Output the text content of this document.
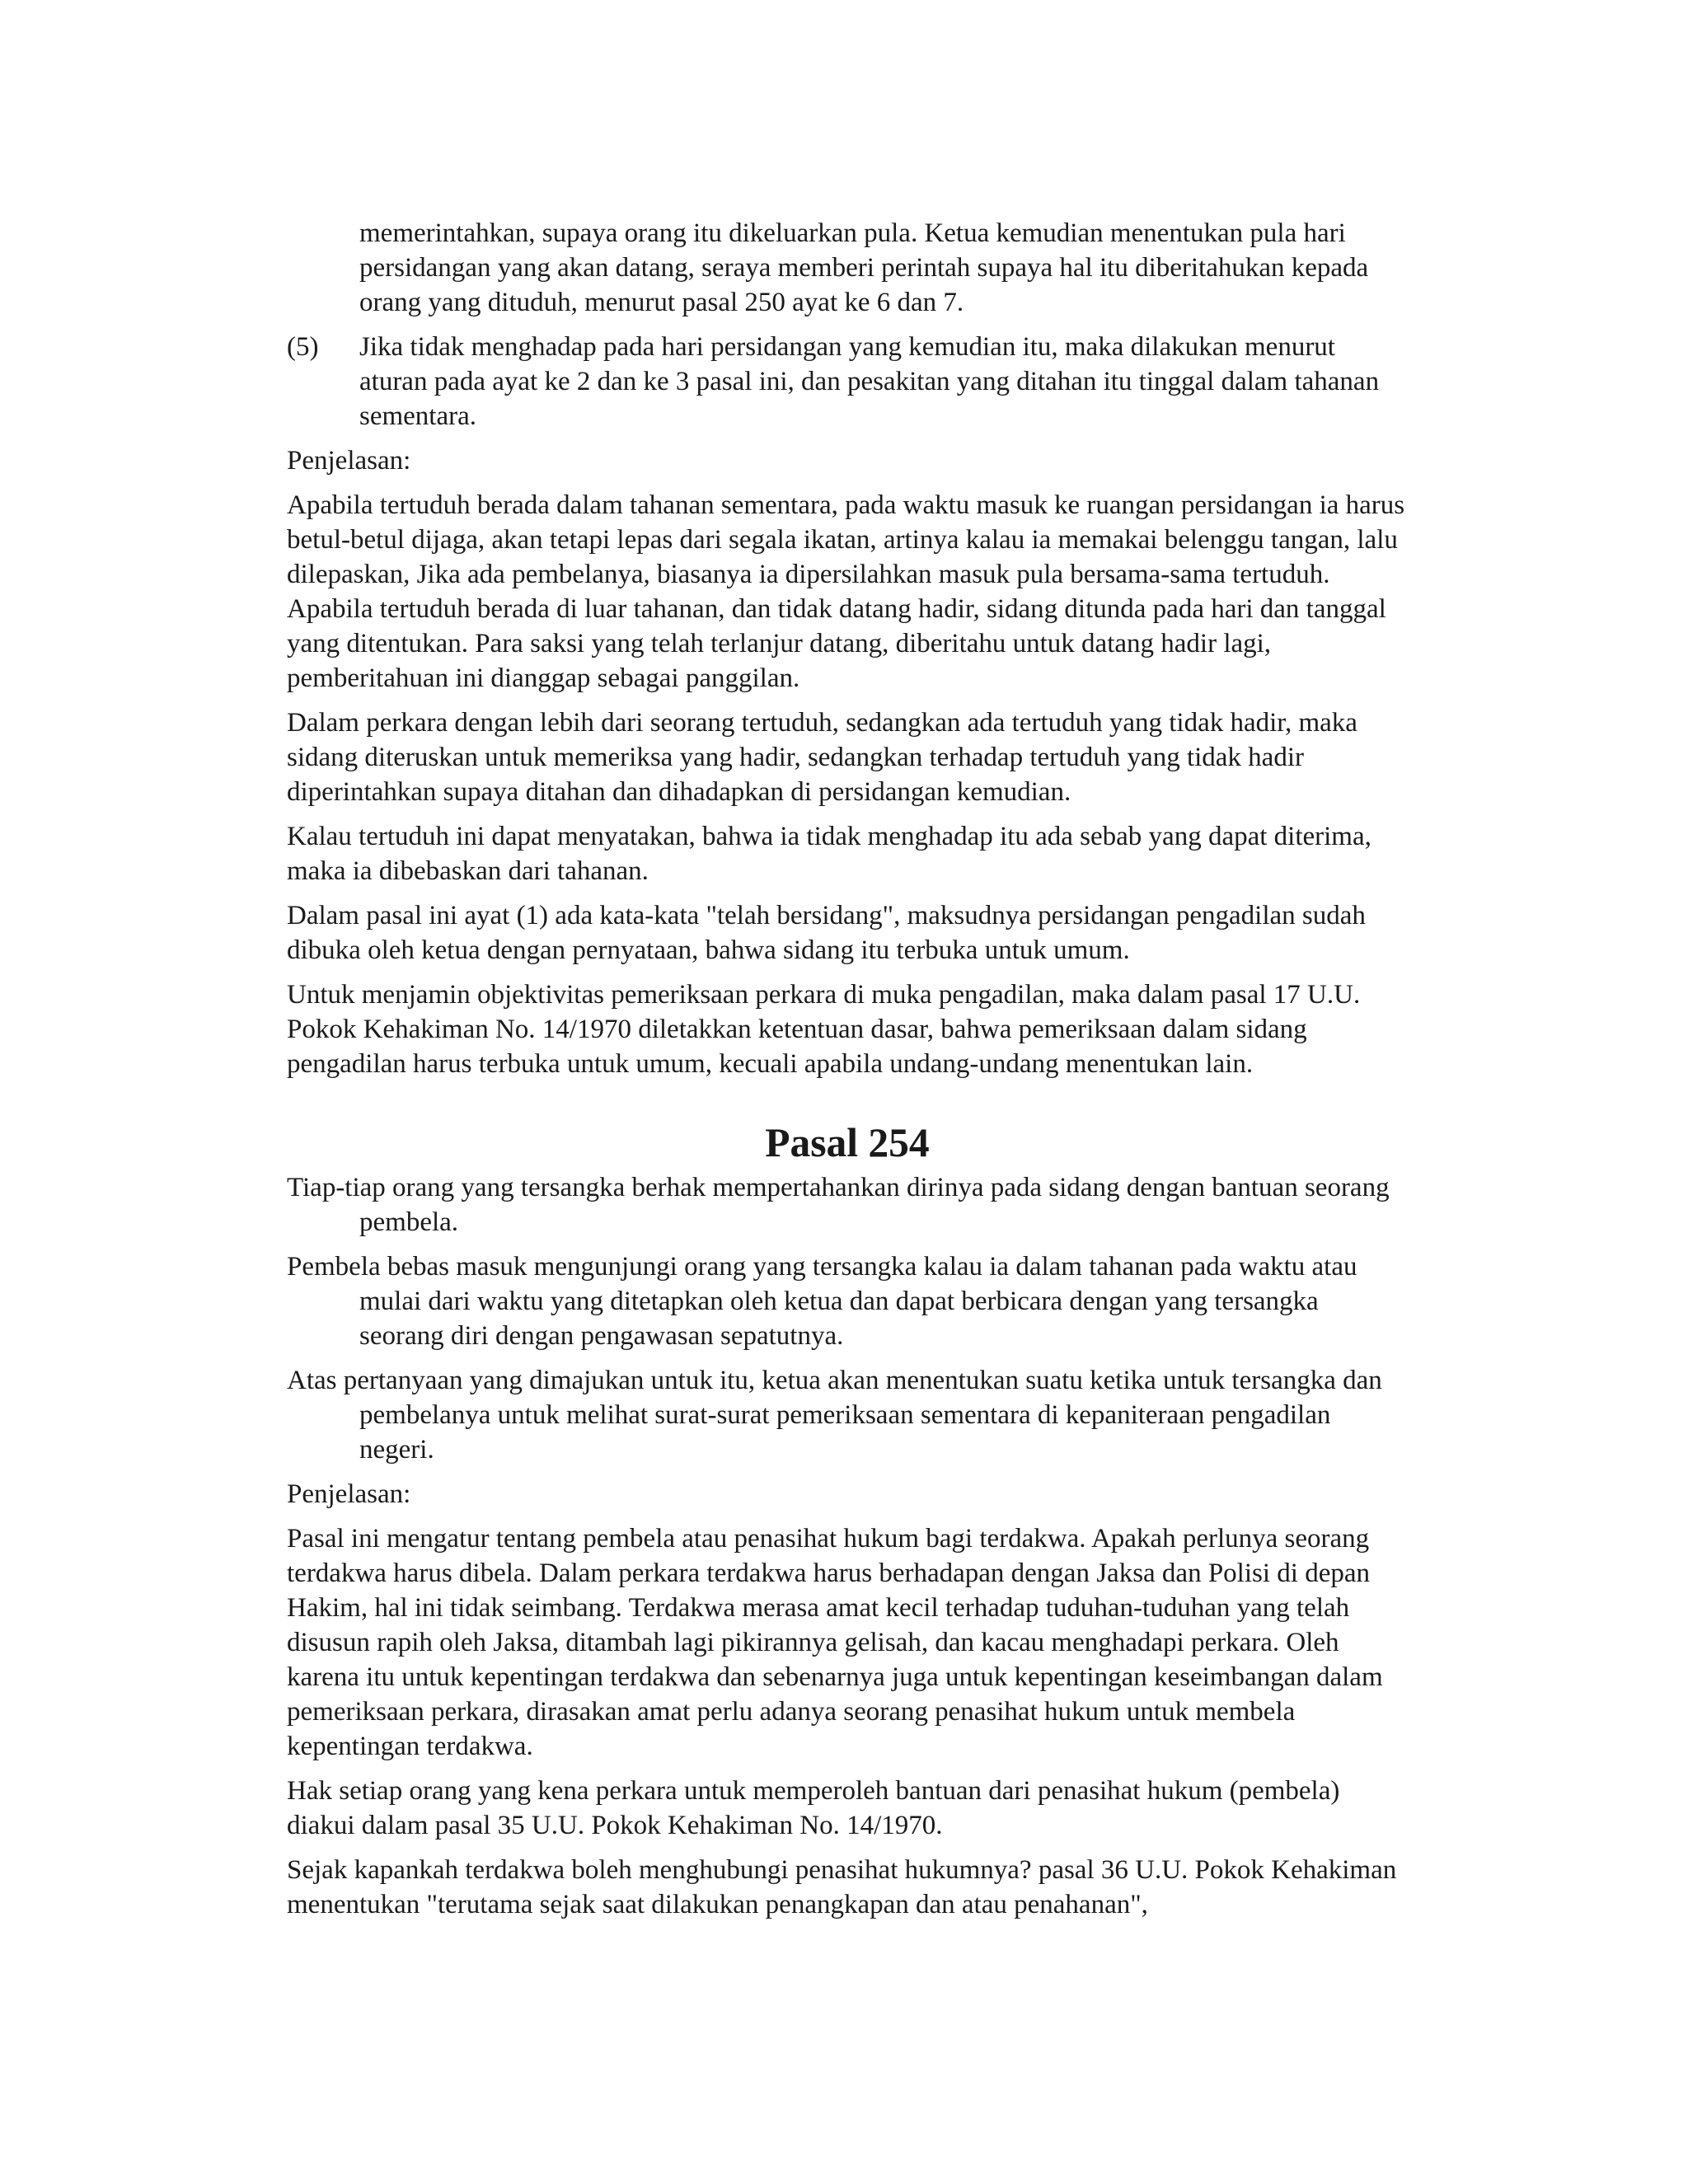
memerintahkan, supaya orang itu dikeluarkan pula. Ketua kemudian menentukan pula hari persidangan yang akan datang, seraya memberi perintah supaya hal itu diberitahukan kepada orang yang dituduh, menurut pasal 250 ayat ke 6 dan 7.

(5) Jika tidak menghadap pada hari persidangan yang kemudian itu, maka dilakukan menurut aturan pada ayat ke 2 dan ke 3 pasal ini, dan pesakitan yang ditahan itu tinggal dalam tahanan sementara.

Penjelasan:

Apabila tertuduh berada dalam tahanan sementara, pada waktu masuk ke ruangan persidangan ia harus betul-betul dijaga, akan tetapi lepas dari segala ikatan, artinya kalau ia memakai belenggu tangan, lalu dilepaskan, Jika ada pembelanya, biasanya ia dipersilahkan masuk pula bersama-sama tertuduh. Apabila tertuduh berada di luar tahanan, dan tidak datang hadir, sidang ditunda pada hari dan tanggal yang ditentukan. Para saksi yang telah terlanjur datang, diberitahu untuk datang hadir lagi, pemberitahuan ini dianggap sebagai panggilan.

Dalam perkara dengan lebih dari seorang tertuduh, sedangkan ada tertuduh yang tidak hadir, maka sidang diteruskan untuk memeriksa yang hadir, sedangkan terhadap tertuduh yang tidak hadir diperintahkan supaya ditahan dan dihadapkan di persidangan kemudian.

Kalau tertuduh ini dapat menyatakan, bahwa ia tidak menghadap itu ada sebab yang dapat diterima, maka ia dibebaskan dari tahanan.

Dalam pasal ini ayat (1) ada kata-kata "telah bersidang", maksudnya persidangan pengadilan sudah dibuka oleh ketua dengan pernyataan, bahwa sidang itu terbuka untuk umum.

Untuk menjamin objektivitas pemeriksaan perkara di muka pengadilan, maka dalam pasal 17 U.U. Pokok Kehakiman No. 14/1970 diletakkan ketentuan dasar, bahwa pemeriksaan dalam sidang pengadilan harus terbuka untuk umum, kecuali apabila undang-undang menentukan lain.

Pasal 254

Tiap-tiap orang yang tersangka berhak mempertahankan dirinya pada sidang dengan bantuan seorang pembela.

Pembela bebas masuk mengunjungi orang yang tersangka kalau ia dalam tahanan pada waktu atau mulai dari waktu yang ditetapkan oleh ketua dan dapat berbicara dengan yang tersangka seorang diri dengan pengawasan sepatutnya.

Atas pertanyaan yang dimajukan untuk itu, ketua akan menentukan suatu ketika untuk tersangka dan pembelanya untuk melihat surat-surat pemeriksaan sementara di kepaniteraan pengadilan negeri.

Penjelasan:

Pasal ini mengatur tentang pembela atau penasihat hukum bagi terdakwa. Apakah perlunya seorang terdakwa harus dibela. Dalam perkara terdakwa harus berhadapan dengan Jaksa dan Polisi di depan Hakim, hal ini tidak seimbang. Terdakwa merasa amat kecil terhadap tuduhan-tuduhan yang telah disusun rapih oleh Jaksa, ditambah lagi pikirannya gelisah, dan kacau menghadapi perkara. Oleh karena itu untuk kepentingan terdakwa dan sebenarnya juga untuk kepentingan keseimbangan dalam pemeriksaan perkara, dirasakan amat perlu adanya seorang penasihat hukum untuk membela kepentingan terdakwa.

Hak setiap orang yang kena perkara untuk memperoleh bantuan dari penasihat hukum (pembela) diakui dalam pasal 35 U.U. Pokok Kehakiman No. 14/1970.

Sejak kapankah terdakwa boleh menghubungi penasihat hukumnya? pasal 36 U.U. Pokok Kehakiman menentukan "terutama sejak saat dilakukan penangkapan dan atau penahanan",
